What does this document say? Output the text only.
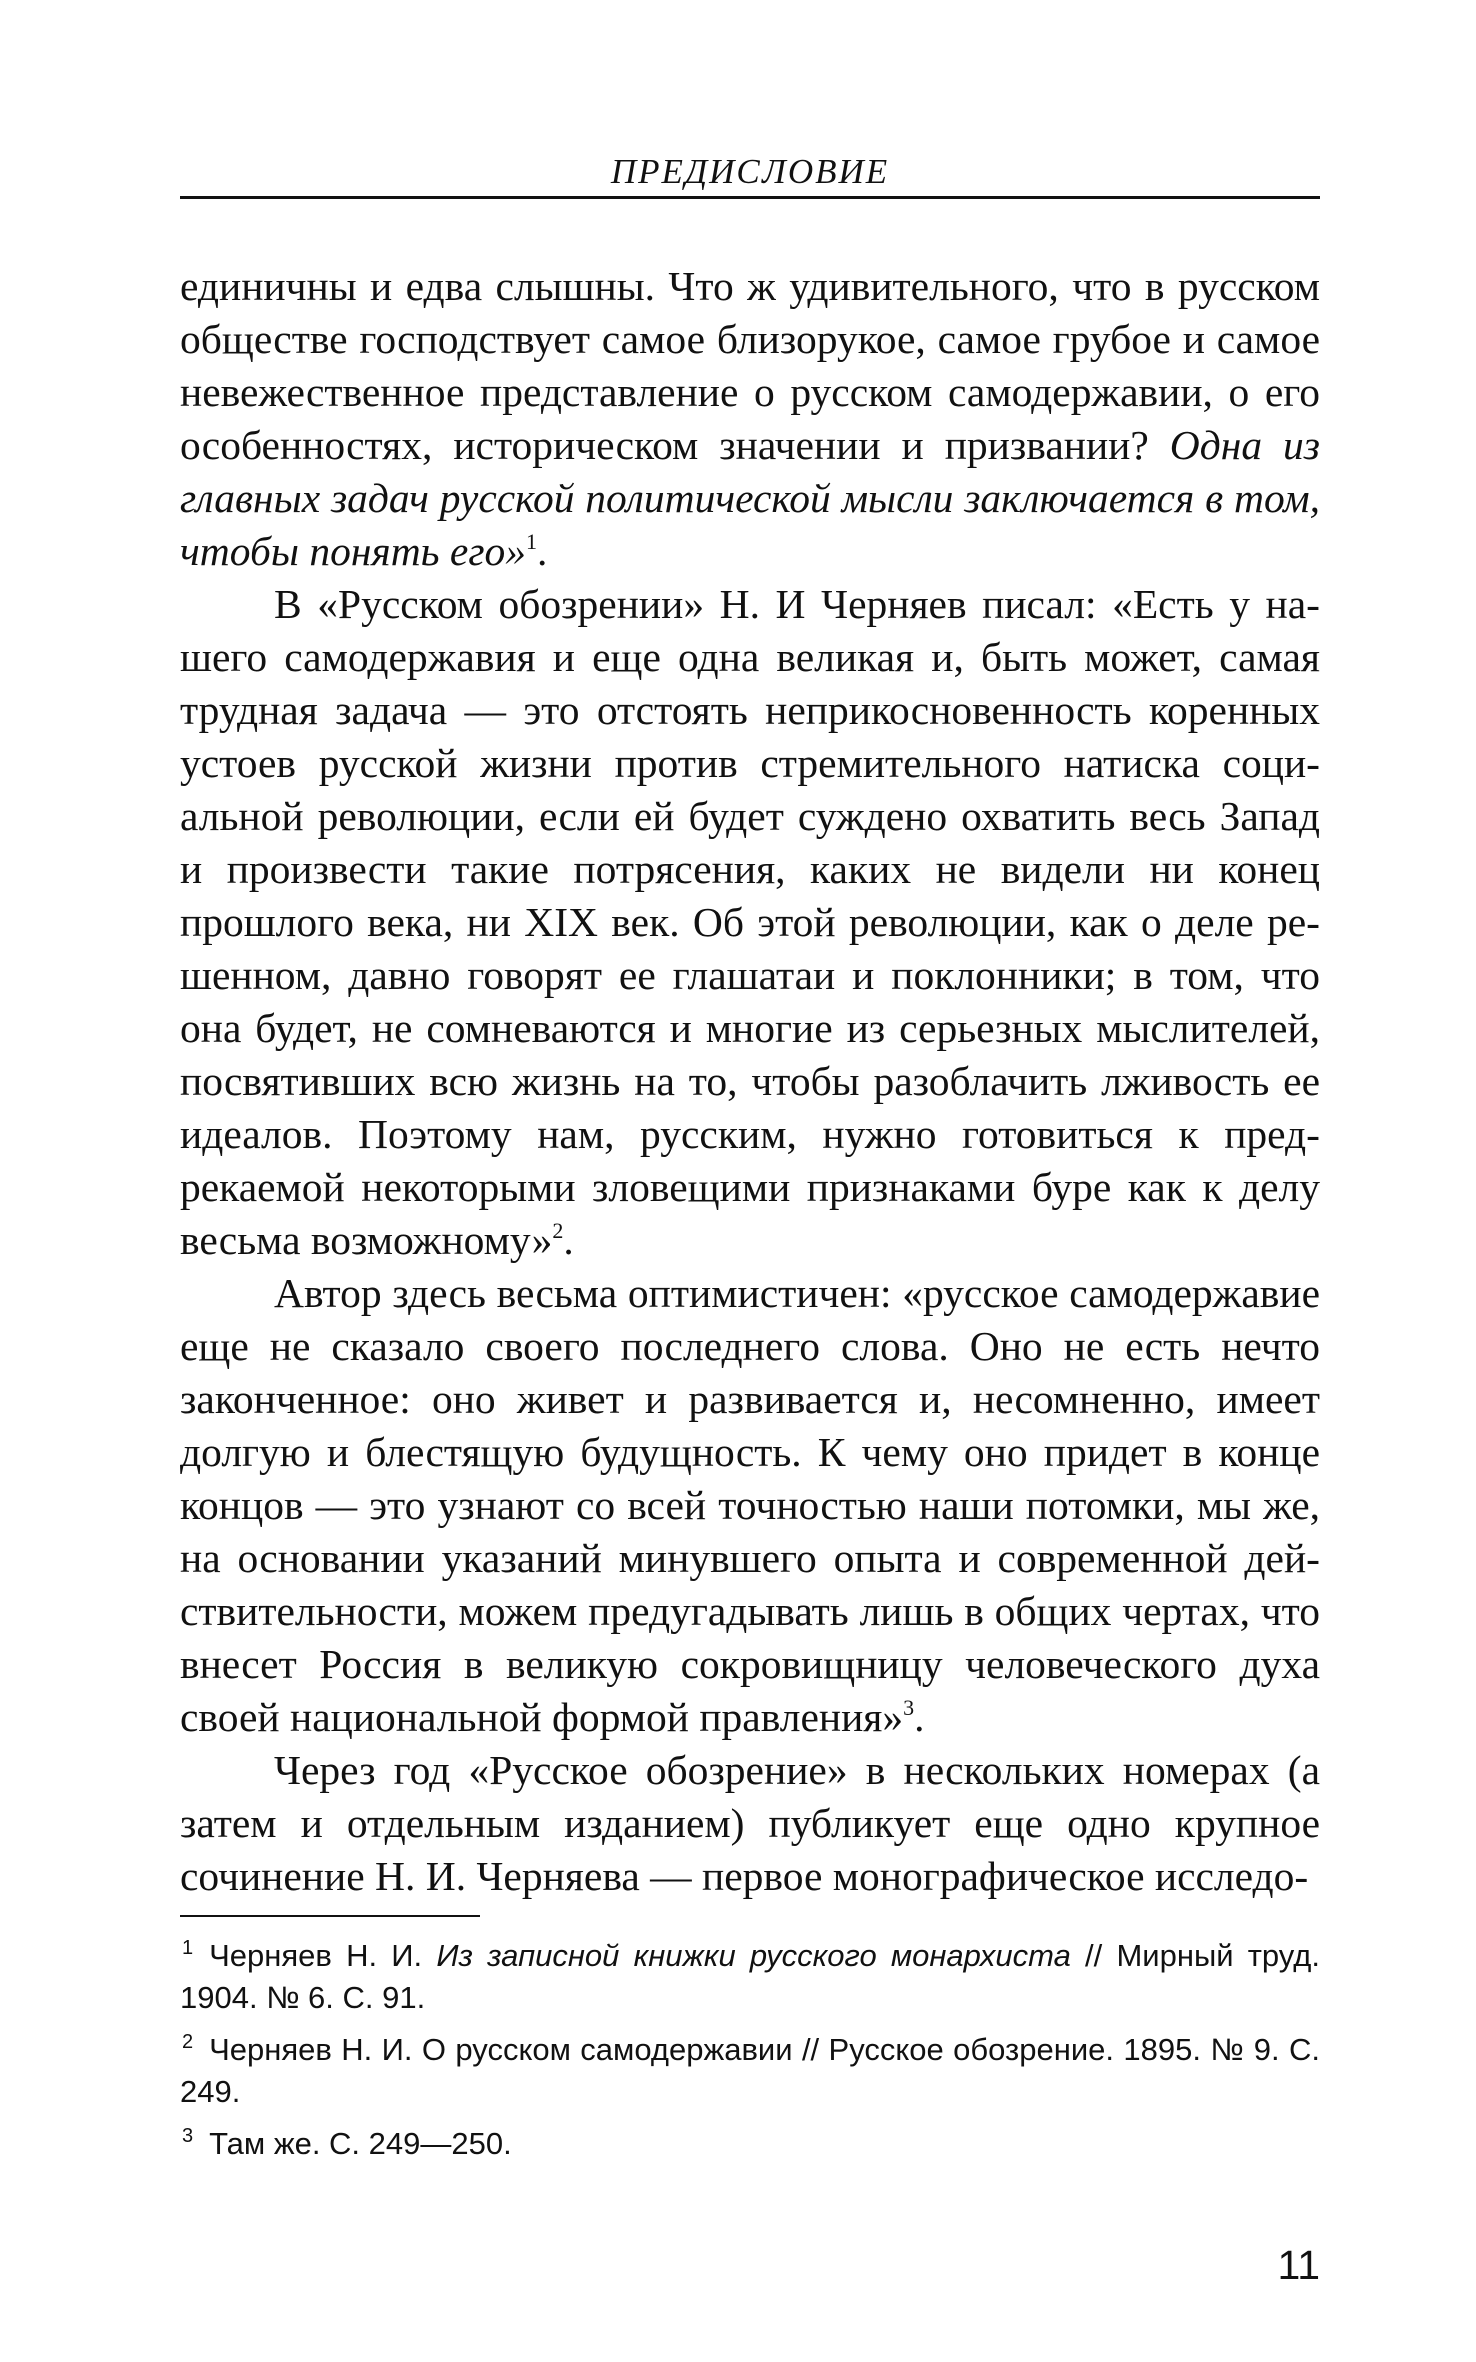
ПРЕДИСЛОВИЕ

единичны и едва слышны. Что ж удивительного, что в русском обществе господствует самое близорукое, самое грубое и самое невежественное представление о русском самодержавии, о его особенностях, историческом значении и призвании? Одна из главных задач русской политической мысли заключается в том, чтобы понять его»$^1$.

В «Русском обозрении» Н. И Черняев писал: «Есть у нашего самодержавия и еще одна великая и, быть может, самая трудная задача — это отстоять неприкосновенность коренных устоев русской жизни против стремительного натиска социальной революции, если ей будет суждено охватить весь Запад и произвести такие потрясения, каких не видели ни конец прошлого века, ни XIX век. Об этой революции, как о деле решенном, давно говорят ее глашатаи и поклонники; в том, что она будет, не сомневаются и многие из серьезных мыслителей, посвятивших всю жизнь на то, чтобы разоблачить лживость ее идеалов. Поэтому нам, русским, нужно готовиться к предрекаемой некоторыми зловещими признаками буре как к делу весьма возможному»$^2$.

Автор здесь весьма оптимистичен: «русское самодержавие еще не сказало своего последнего слова. Оно не есть нечто законченное: оно живет и развивается и, несомненно, имеет долгую и блестящую будущность. К чему оно придет в конце концов — это узнают со всей точностью наши потомки, мы же, на основании указаний минувшего опыта и современной действительности, можем предугадывать лишь в общих чертах, что внесет Россия в великую сокровищницу человеческого духа своей национальной формой правления»$^3$.

Через год «Русское обозрение» в нескольких номерах (а затем и отдельным изданием) публикует еще одно крупное сочинение Н. И. Черняева — первое монографическое исследо-

$^1$ Черняев Н. И. Из записной книжки русского монархиста // Мирный труд. 1904. № 6. С. 91.

$^2$ Черняев Н. И. О русском самодержавии // Русское обозрение. 1895. № 9. С. 249.

$^3$ Там же. С. 249—250.

11
